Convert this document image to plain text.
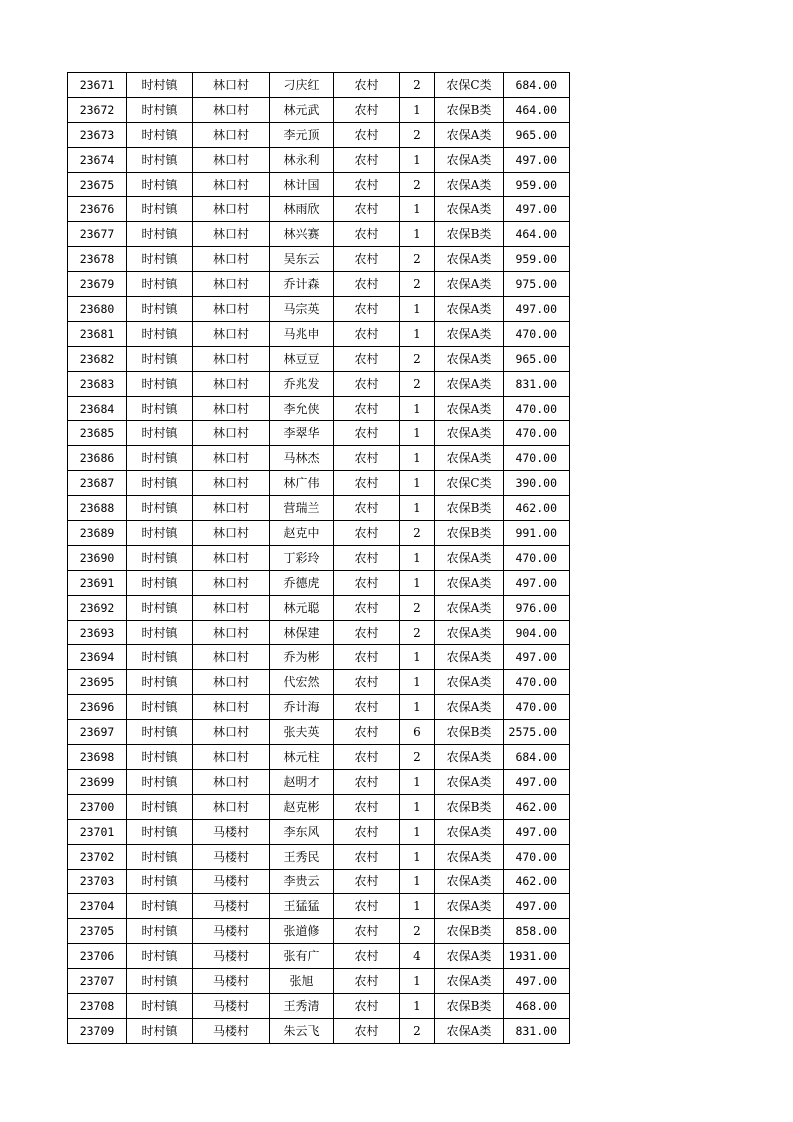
23671	时村镇	林口村	刁庆红	农村	2	农保C类	684.00
23672	时村镇	林口村	林元武	农村	1	农保B类	464.00
23673	时村镇	林口村	李元顶	农村	2	农保A类	965.00
23674	时村镇	林口村	林永利	农村	1	农保A类	497.00
23675	时村镇	林口村	林计国	农村	2	农保A类	959.00
23676	时村镇	林口村	林雨欣	农村	1	农保A类	497.00
23677	时村镇	林口村	林兴赛	农村	1	农保B类	464.00
23678	时村镇	林口村	吴东云	农村	2	农保A类	959.00
23679	时村镇	林口村	乔计森	农村	2	农保A类	975.00
23680	时村镇	林口村	马宗英	农村	1	农保A类	497.00
23681	时村镇	林口村	马兆申	农村	1	农保A类	470.00
23682	时村镇	林口村	林豆豆	农村	2	农保A类	965.00
23683	时村镇	林口村	乔兆发	农村	2	农保A类	831.00
23684	时村镇	林口村	李允侠	农村	1	农保A类	470.00
23685	时村镇	林口村	李翠华	农村	1	农保A类	470.00
23686	时村镇	林口村	马林杰	农村	1	农保A类	470.00
23687	时村镇	林口村	林广伟	农村	1	农保C类	390.00
23688	时村镇	林口村	营瑞兰	农村	1	农保B类	462.00
23689	时村镇	林口村	赵克中	农村	2	农保B类	991.00
23690	时村镇	林口村	丁彩玲	农村	1	农保A类	470.00
23691	时村镇	林口村	乔德虎	农村	1	农保A类	497.00
23692	时村镇	林口村	林元聪	农村	2	农保A类	976.00
23693	时村镇	林口村	林保建	农村	2	农保A类	904.00
23694	时村镇	林口村	乔为彬	农村	1	农保A类	497.00
23695	时村镇	林口村	代宏然	农村	1	农保A类	470.00
23696	时村镇	林口村	乔计海	农村	1	农保A类	470.00
23697	时村镇	林口村	张夫英	农村	6	农保B类	2575.00
23698	时村镇	林口村	林元柱	农村	2	农保A类	684.00
23699	时村镇	林口村	赵明才	农村	1	农保A类	497.00
23700	时村镇	林口村	赵克彬	农村	1	农保B类	462.00
23701	时村镇	马楼村	李东风	农村	1	农保A类	497.00
23702	时村镇	马楼村	王秀民	农村	1	农保A类	470.00
23703	时村镇	马楼村	李贵云	农村	1	农保A类	462.00
23704	时村镇	马楼村	王猛猛	农村	1	农保A类	497.00
23705	时村镇	马楼村	张道修	农村	2	农保B类	858.00
23706	时村镇	马楼村	张有广	农村	4	农保A类	1931.00
23707	时村镇	马楼村	张旭	农村	1	农保A类	497.00
23708	时村镇	马楼村	王秀清	农村	1	农保B类	468.00
23709	时村镇	马楼村	朱云飞	农村	2	农保A类	831.00
